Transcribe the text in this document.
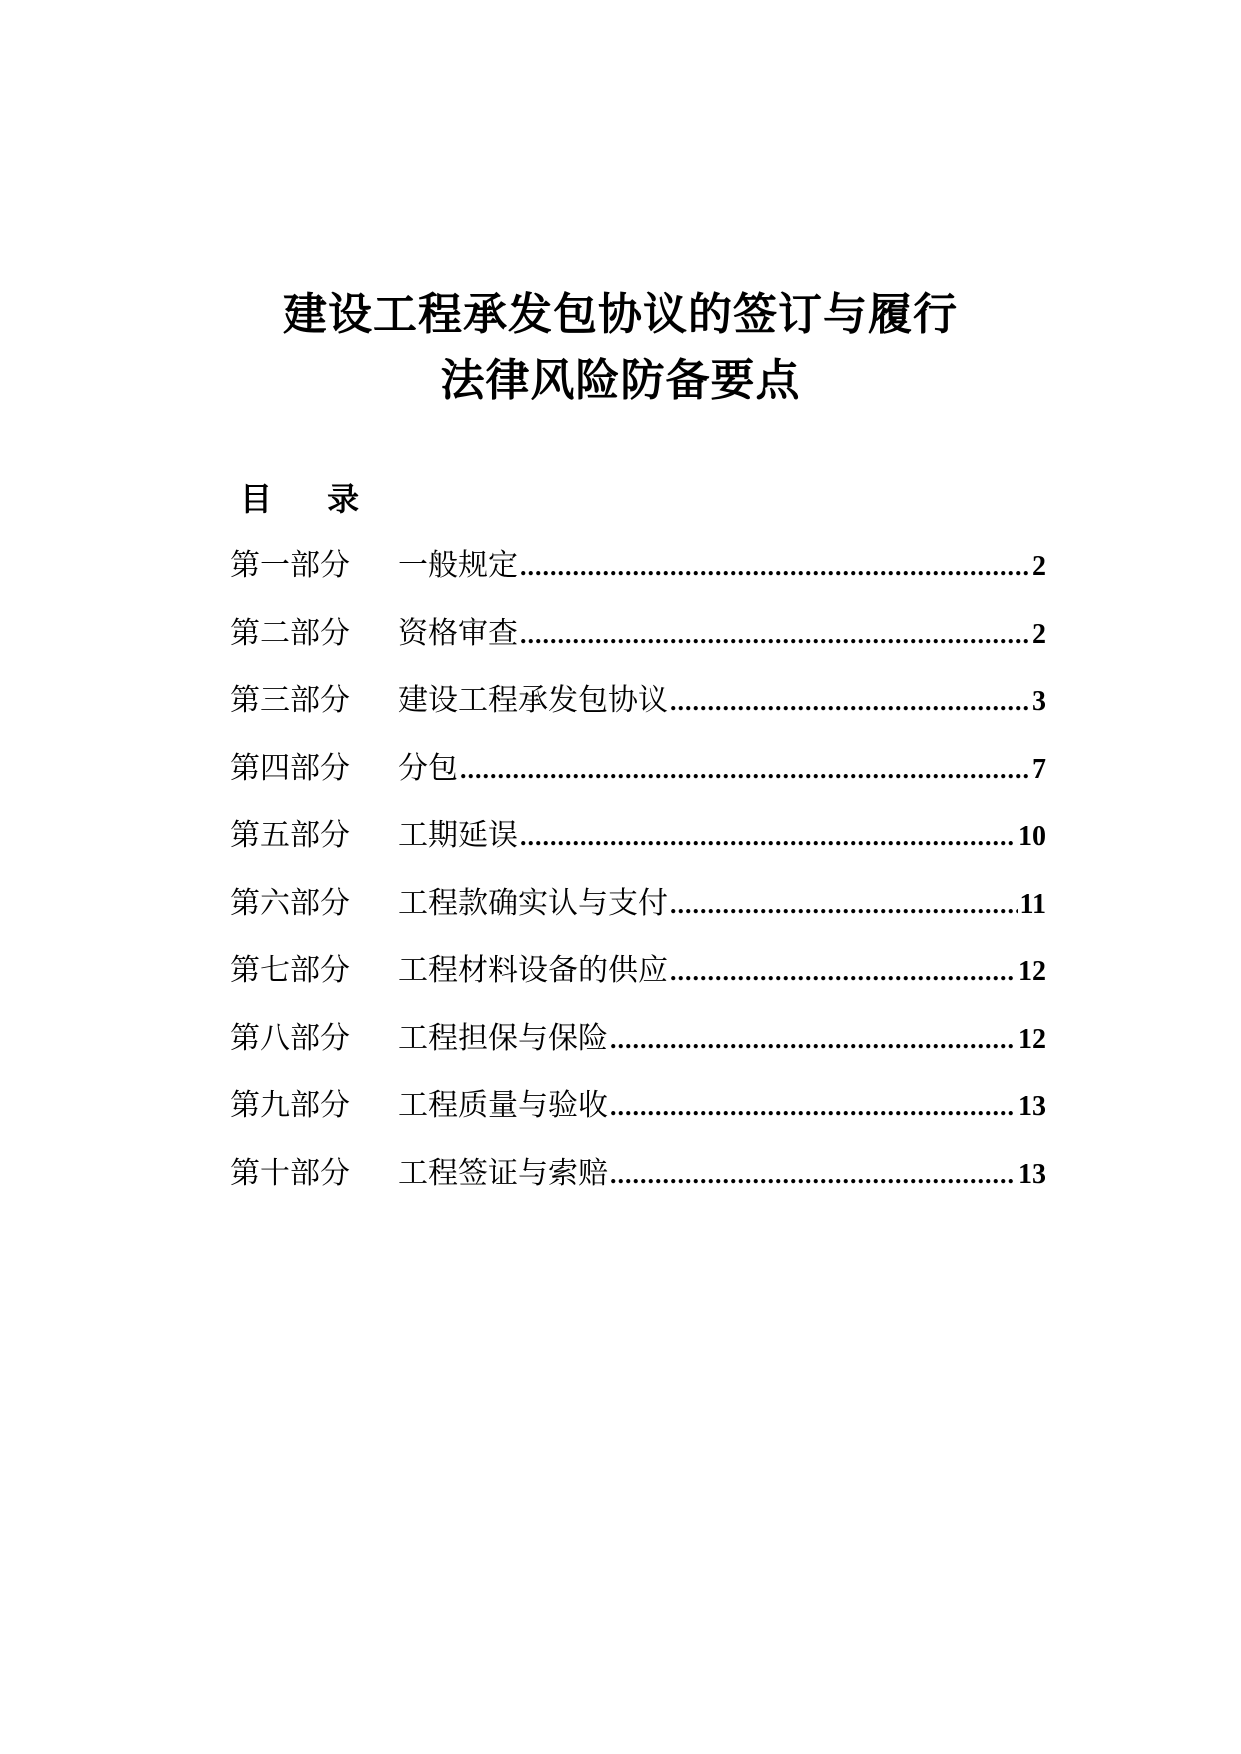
建设工程承发包协议的签订与履行
法律风险防备要点
目 录
第一部分	一般规定 .....	2
第二部分	资格审查 .....	2
第三部分	建设工程承发包协议 .....	3
第四部分	分包 .....	7
第五部分	工期延误 .....	10
第六部分	工程款确实认与支付 .....	11
第七部分	工程材料设备的供应 .....	12
第八部分	工程担保与保险 .....	12
第九部分	工程质量与验收 .....	13
第十部分	工程签证与索赔 .....	13
